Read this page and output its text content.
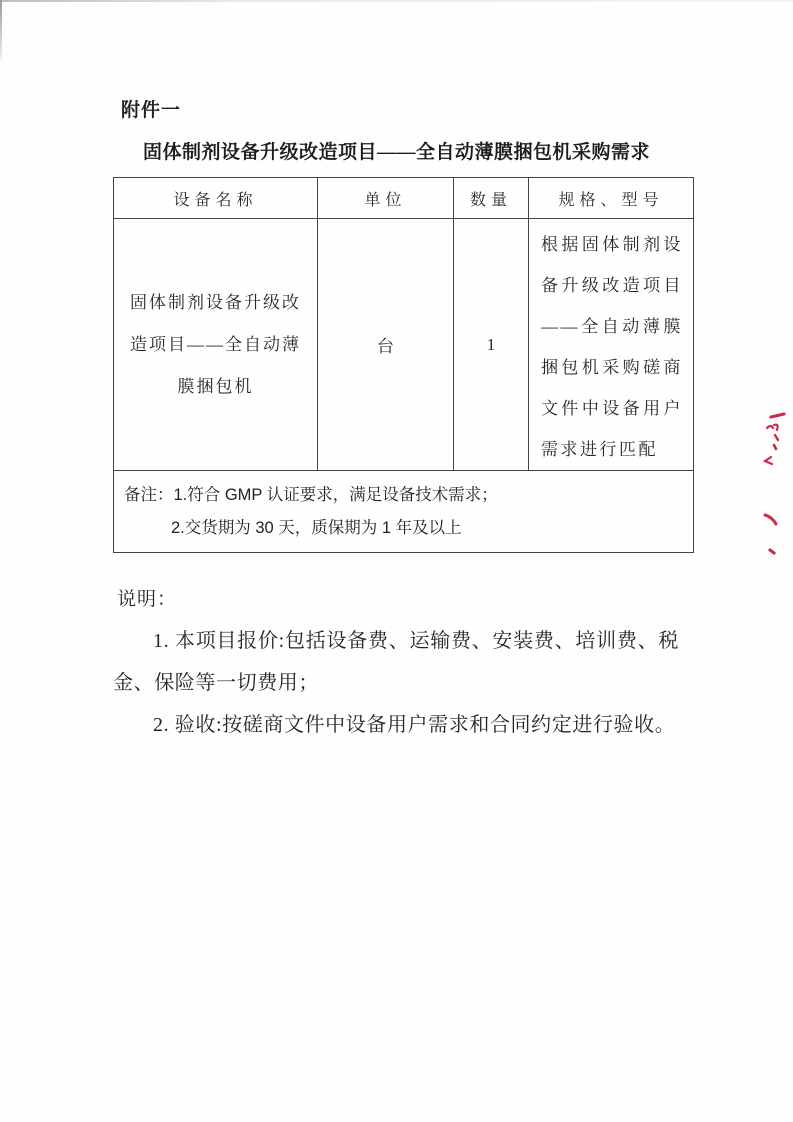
附件一
固体制剂设备升级改造项目——全自动薄膜捆包机采购需求
设备名称	单位	数量	规格、型号
固体制剂设备升级改造项目——全自动薄膜捆包机	台	1	根据固体制剂设备升级改造项目——全自动薄膜捆包机采购磋商文件中设备用户需求进行匹配

备注：1.符合 GMP 认证要求，满足设备技术需求；
2.交货期为 30 天，质保期为 1 年及以上			
说明：

1. 本项目报价:包括设备费、运输费、安装费、培训费、税金、保险等一切费用；

2. 验收:按磋商文件中设备用户需求和合同约定进行验收。
